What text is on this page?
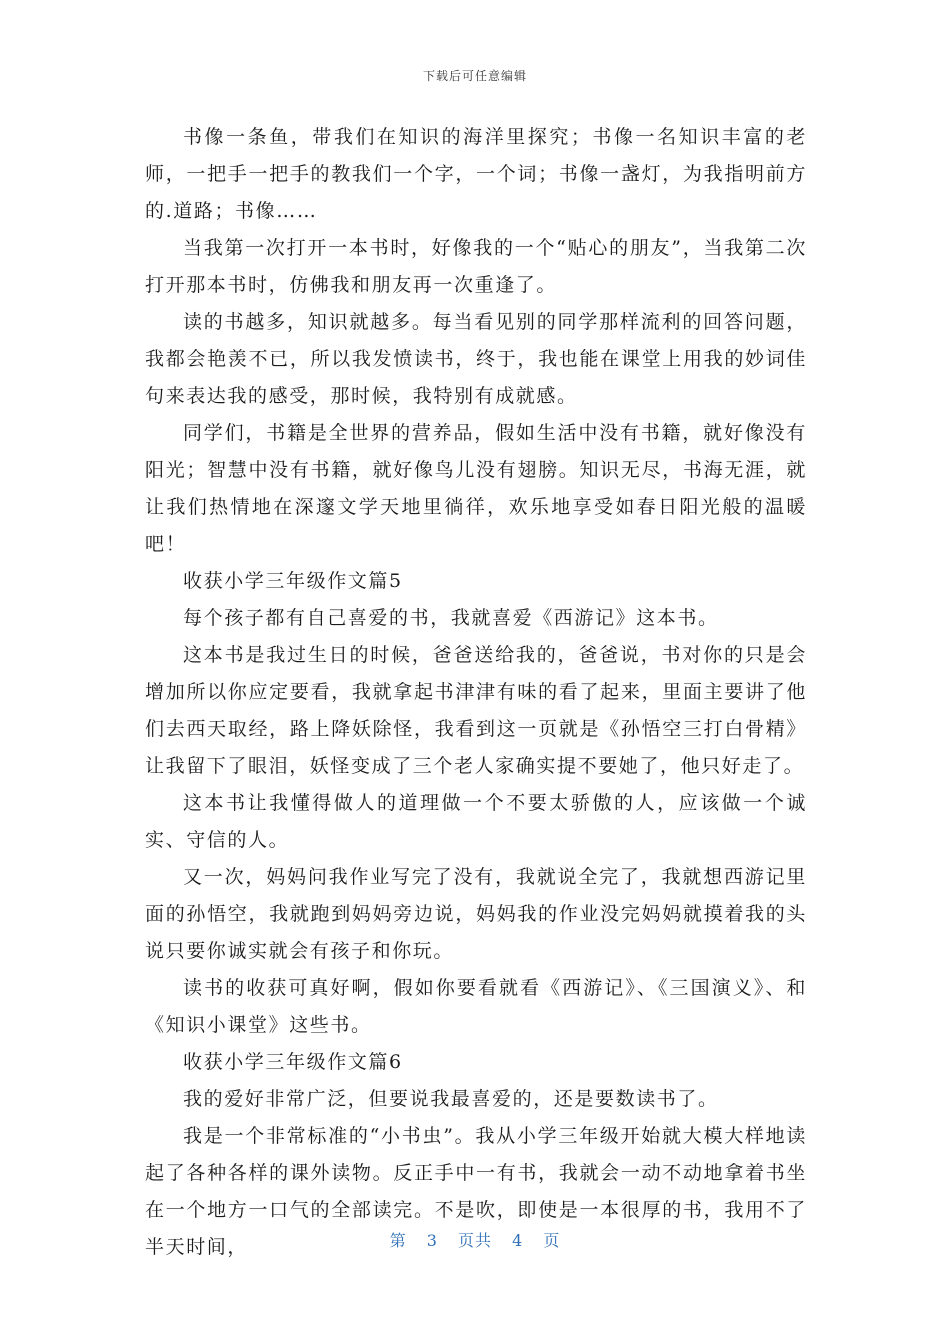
下载后可任意编辑

书像一条鱼，带我们在知识的海洋里探究；书像一名知识丰富的老师，一把手一把手的教我们一个字，一个词；书像一盏灯，为我指明前方的.道路；书像……

当我第一次打开一本书时，好像我的一个“贴心的朋友”，当我第二次打开那本书时，仿佛我和朋友再一次重逢了。

读的书越多，知识就越多。每当看见别的同学那样流利的回答问题，我都会艳羡不已，所以我发愤读书，终于，我也能在课堂上用我的妙词佳句来表达我的感受，那时候，我特别有成就感。

同学们，书籍是全世界的营养品，假如生活中没有书籍，就好像没有阳光；智慧中没有书籍，就好像鸟儿没有翅膀。知识无尽，书海无涯，就让我们热情地在深邃文学天地里徜徉，欢乐地享受如春日阳光般的温暖吧！

收获小学三年级作文篇5

每个孩子都有自己喜爱的书，我就喜爱《西游记》这本书。

这本书是我过生日的时候，爸爸送给我的，爸爸说，书对你的只是会增加所以你应定要看，我就拿起书津津有味的看了起来，里面主要讲了他们去西天取经，路上降妖除怪，我看到这一页就是《孙悟空三打白骨精》让我留下了眼泪，妖怪变成了三个老人家确实提不要她了，他只好走了。

这本书让我懂得做人的道理做一个不要太骄傲的人，应该做一个诚实、守信的人。

又一次，妈妈问我作业写完了没有，我就说全完了，我就想西游记里面的孙悟空，我就跑到妈妈旁边说，妈妈我的作业没完妈妈就摸着我的头说只要你诚实就会有孩子和你玩。

读书的收获可真好啊，假如你要看就看《西游记》、《三国演义》、和《知识小课堂》这些书。

收获小学三年级作文篇6

我的爱好非常广泛，但要说我最喜爱的，还是要数读书了。

我是一个非常标准的“小书虫”。我从小学三年级开始就大模大样地读起了各种各样的课外读物。反正手中一有书，我就会一动不动地拿着书坐在一个地方一口气的全部读完。不是吹，即使是一本很厚的书，我用不了半天时间，	第 3 页共 4 页
